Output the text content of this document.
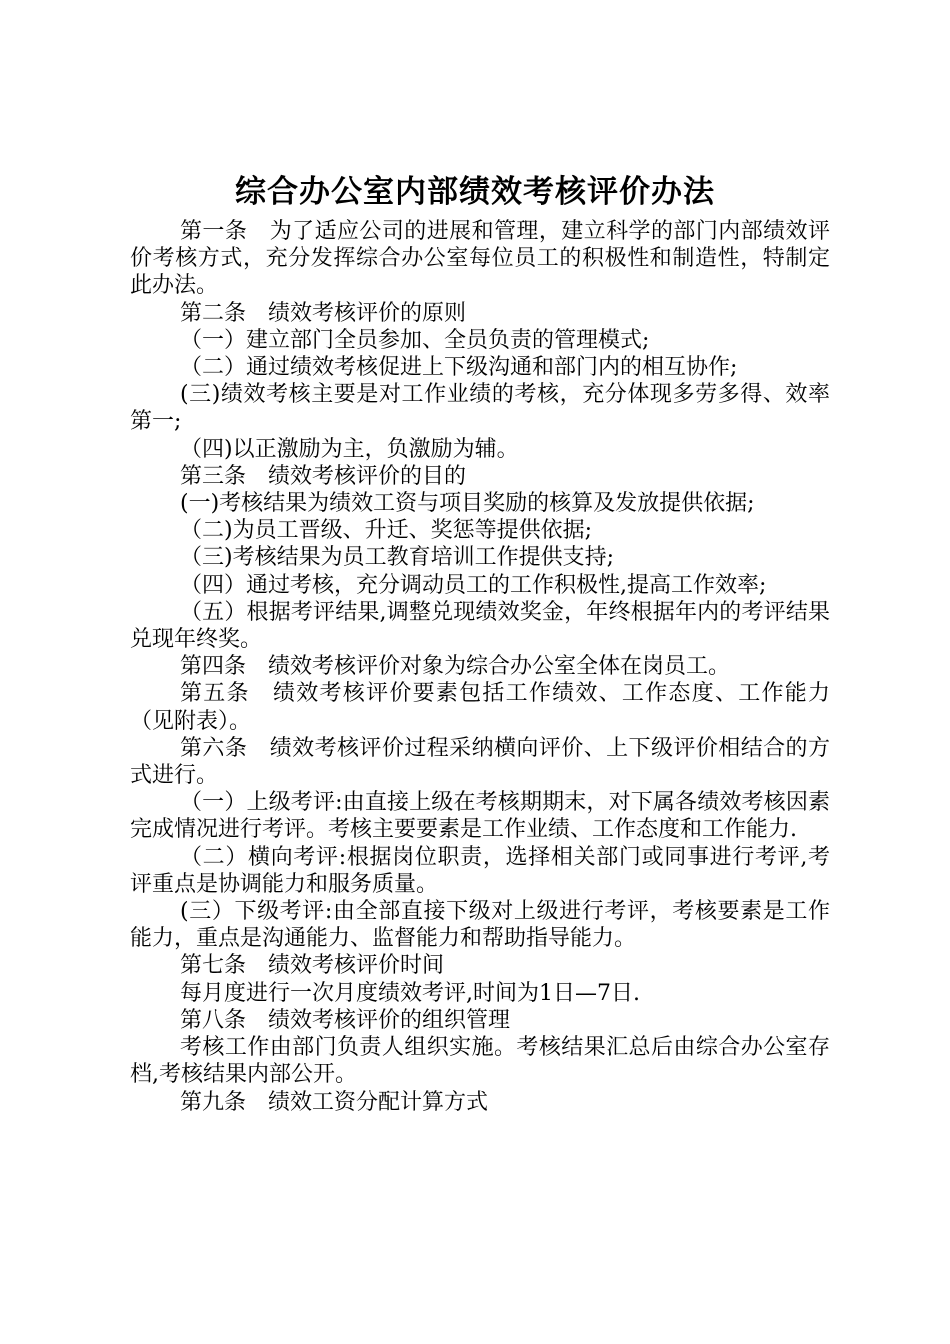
综合办公室内部绩效考核评价办法

第一条　为了适应公司的进展和管理，建立科学的部门内部绩效评价考核方式，充分发挥综合办公室每位员工的积极性和制造性，特制定此办法。

第二条　绩效考核评价的原则

（一）建立部门全员参加、全员负责的管理模式;

（二）通过绩效考核促进上下级沟通和部门内的相互协作;

(三)绩效考核主要是对工作业绩的考核，充分体现多劳多得、效率第一;

（四)以正激励为主，负激励为辅。

第三条　绩效考核评价的目的

(一)考核结果为绩效工资与项目奖励的核算及发放提供依据;

（二)为员工晋级、升迁、奖惩等提供依据;

（三)考核结果为员工教育培训工作提供支持;

（四）通过考核，充分调动员工的工作积极性,提高工作效率;

（五）根据考评结果,调整兑现绩效奖金，年终根据年内的考评结果兑现年终奖。

第四条　绩效考核评价对象为综合办公室全体在岗员工。

第五条　绩效考核评价要素包括工作绩效、工作态度、工作能力（见附表）。

第六条　绩效考核评价过程采纳横向评价、上下级评价相结合的方式进行。

（一）上级考评:由直接上级在考核期期末，对下属各绩效考核因素完成情况进行考评。考核主要要素是工作业绩、工作态度和工作能力.

（二）横向考评:根据岗位职责，选择相关部门或同事进行考评,考评重点是协调能力和服务质量。

(三）下级考评:由全部直接下级对上级进行考评，考核要素是工作能力，重点是沟通能力、监督能力和帮助指导能力。

第七条　绩效考核评价时间

每月度进行一次月度绩效考评,时间为1日—7日.

第八条　绩效考核评价的组织管理

考核工作由部门负责人组织实施。考核结果汇总后由综合办公室存档,考核结果内部公开。

第九条　绩效工资分配计算方式
